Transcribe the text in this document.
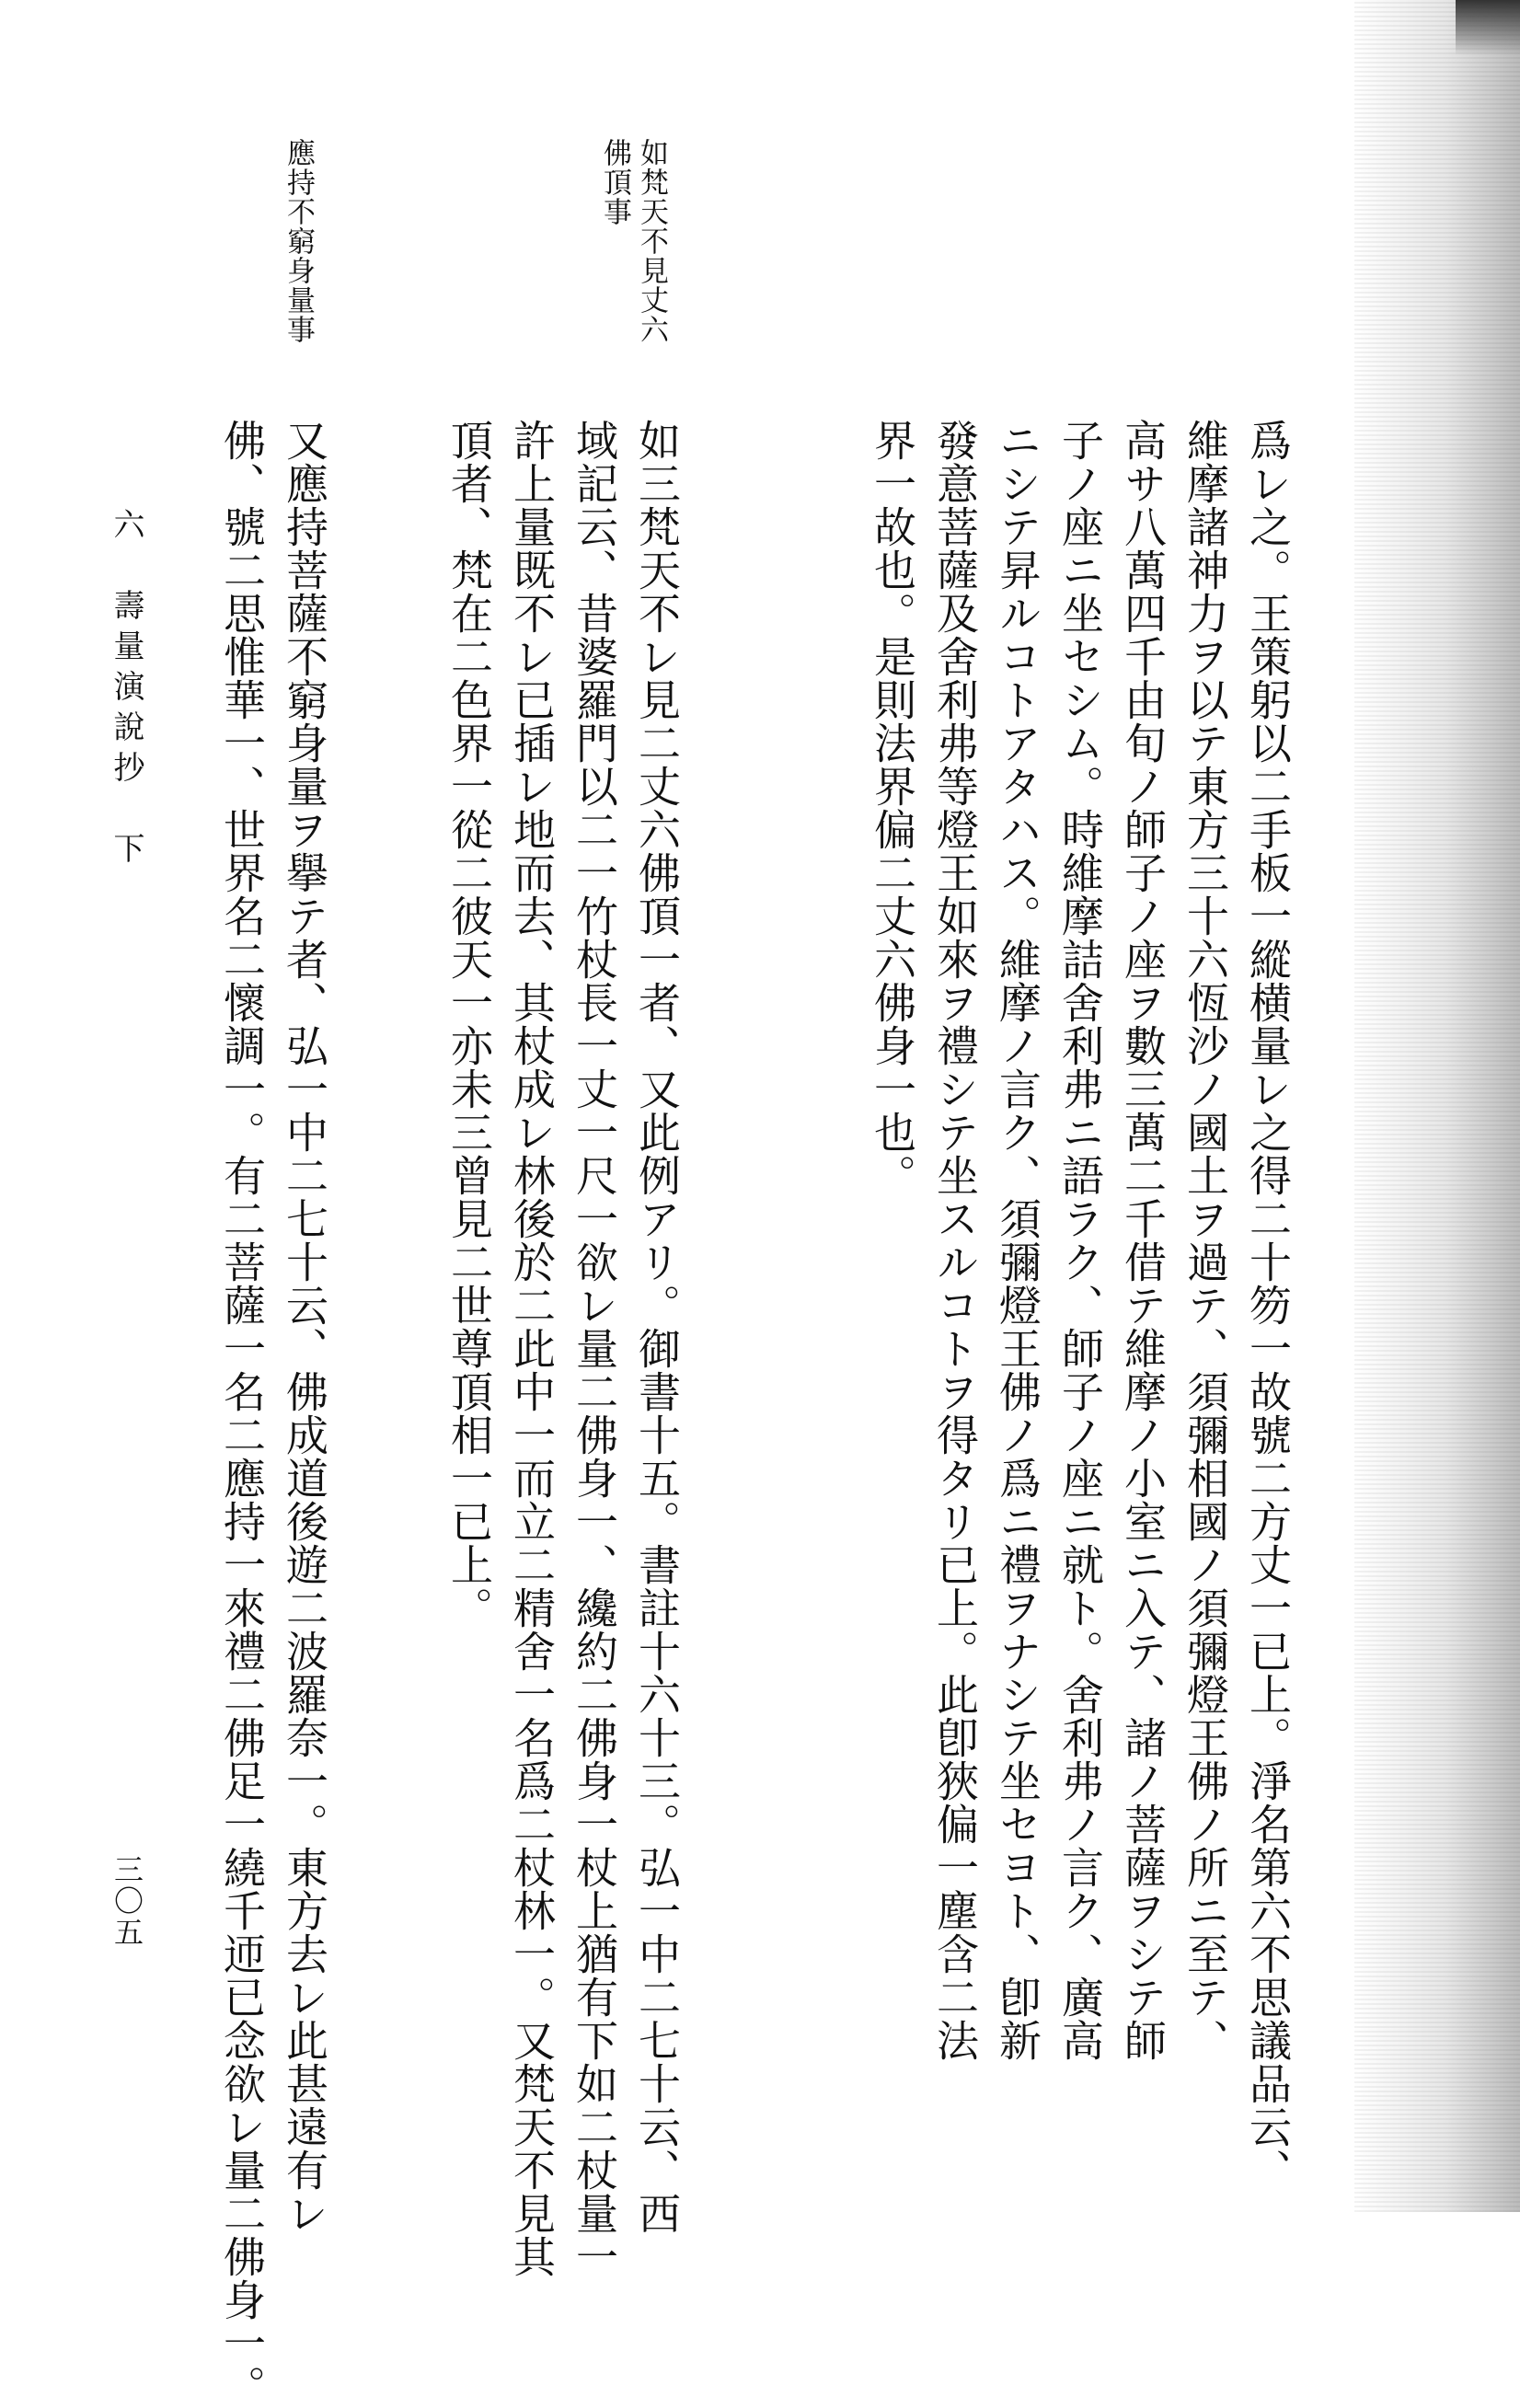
如梵天不見丈六
佛頂事
應持不窮身量事
爲レ之。王策躬以二手板一縱横量レ之得二十笏一故號二方丈一已上。淨名第六不思議品云、
維摩諸神力ヲ以テ東方三十六恆沙ノ國土ヲ過テ、須彌相國ノ須彌燈王佛ノ所ニ至テ、
高サ八萬四千由旬ノ師子ノ座ヲ數三萬二千借テ維摩ノ小室ニ入テ、諸ノ菩薩ヲシテ師
子ノ座ニ坐セシム。時維摩詰舍利弗ニ語ラク、師子ノ座ニ就ト。舍利弗ノ言ク、廣高
ニシテ昇ルコトアタハス。維摩ノ言ク、須彌燈王佛ノ爲ニ禮ヲナシテ坐セヨト、卽新
發意菩薩及舍利弗等燈王如來ヲ禮シテ坐スルコトヲ得タリ已上。此卽狹偏一塵含二法
界一故也。是則法界偏二丈六佛身一也。
如三梵天不レ見二丈六佛頂一者、又此例アリ。御書十五。書註十六十三。弘一中二七十云、西
域記云、昔婆羅門以二一竹杖長一丈一尺一欲レ量二佛身一、纔約二佛身一杖上猶有下如二杖量一
許上量既不レ已插レ地而去、其杖成レ林後於二此中一而立二精舍一名爲二杖林一。又梵天不見其
頂者、梵在二色界一從二彼天一亦未三曾見二世尊頂相一已上。
又應持菩薩不窮身量ヲ擧テ者、弘一中二七十云、佛成道後遊二波羅奈一。東方去レ此甚遠有レ
佛、號二思惟華一、世界名二懷調一。有二菩薩一名二應持一來禮二佛足一繞千迊已念欲レ量二佛身一。
六　壽量演說抄　下
三〇五
